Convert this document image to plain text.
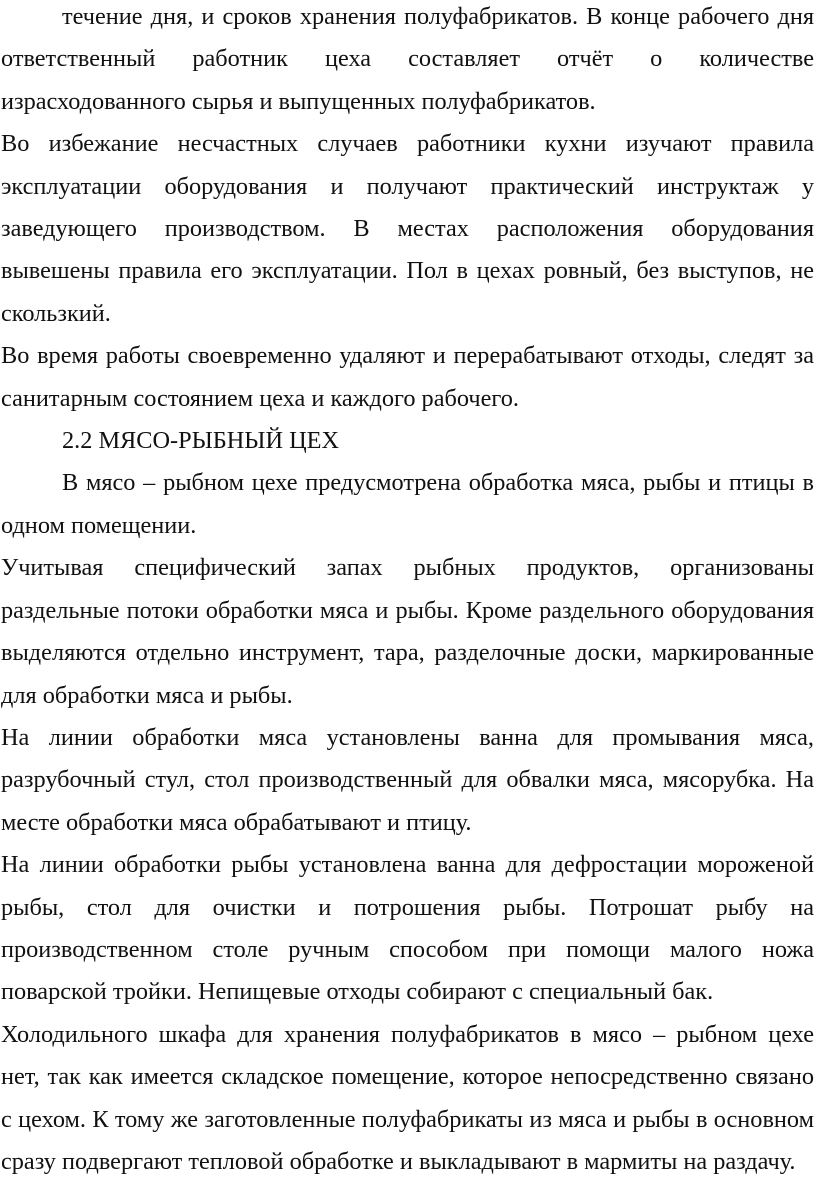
течение дня, и сроков хранения полуфабрикатов. В конце рабочего дня ответственный работник цеха составляет отчёт о количестве израсходованного сырья и выпущенных полуфабрикатов.

Во избежание несчастных случаев работники кухни изучают правила эксплуатации оборудования и получают практический инструктаж у заведующего производством. В местах расположения оборудования вывешены правила его эксплуатации. Пол в цехах ровный, без выступов, не скользкий.

Во время работы своевременно удаляют и перерабатывают отходы, следят за санитарным состоянием цеха и каждого рабочего.

2.2 МЯСО-РЫБНЫЙ ЦЕХ

В мясо – рыбном цехе предусмотрена обработка мяса, рыбы и птицы в одном помещении.

Учитывая специфический запах рыбных продуктов, организованы раздельные потоки обработки мяса и рыбы. Кроме раздельного оборудования выделяются отдельно инструмент, тара, разделочные доски, маркированные для обработки мяса и рыбы.

На линии обработки мяса установлены ванна для промывания мяса, разрубочный стул, стол производственный для обвалки мяса, мясорубка. На месте обработки мяса обрабатывают и птицу.

На линии обработки рыбы установлена ванна для дефростации мороженой рыбы, стол для очистки и потрошения рыбы. Потрошат рыбу на производственном столе ручным способом при помощи малого ножа поварской тройки. Непищевые отходы собирают с специальный бак.

Холодильного шкафа для хранения полуфабрикатов в мясо – рыбном цехе нет, так как имеется складское помещение, которое непосредственно связано с цехом. К тому же заготовленные полуфабрикаты из мяса и рыбы в основном сразу подвергают тепловой обработке и выкладывают в мармиты на раздачу.
